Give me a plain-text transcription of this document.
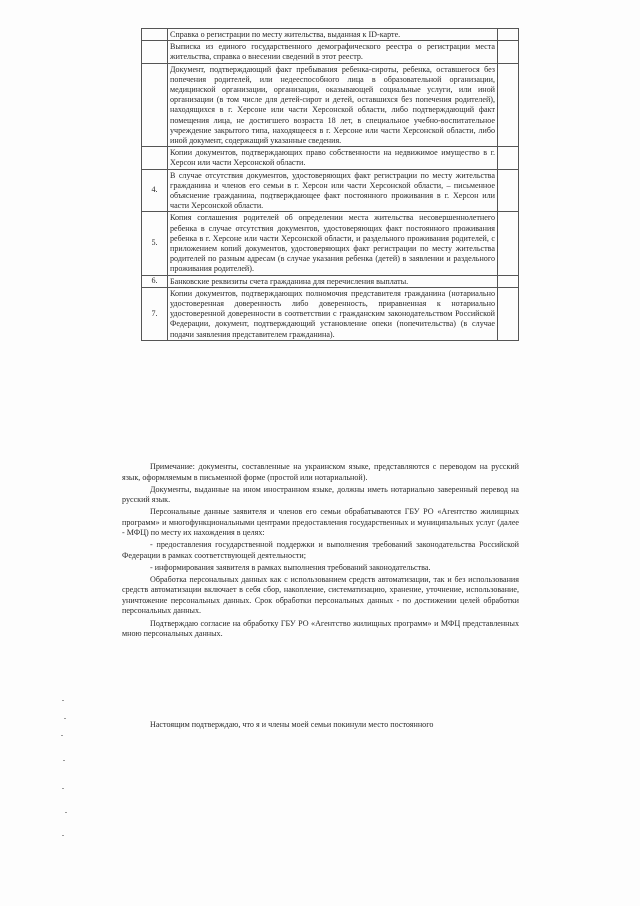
	Справка о регистрации по месту жительства, выданная к ID-карте.	
	Выписка из единого государственного демографического реестра о регистрации места жительства, справка о внесении сведений в этот реестр.	
	Документ, подтверждающий факт пребывания ребенка-сироты, ребенка, оставшегося без попечения родителей, или недееспособного лица в образовательной организации, медицинской организации, организации, оказывающей социальные услуги, или иной организации (в том числе для детей-сирот и детей, оставшихся без попечения родителей), находящихся в г. Херсоне или части Херсонской области, либо подтверждающий факт помещения лица, не достигшего возраста 18 лет, в специальное учебно-воспитательное учреждение закрытого типа, находящееся в г. Херсоне или части Херсонской области, либо иной документ, содержащий указанные сведения.	
	Копии документов, подтверждающих право собственности на недвижимое имущество в г. Херсон или части Херсонской области.	
4.	В случае отсутствия документов, удостоверяющих факт регистрации по месту жительства гражданина и членов его семьи в г. Херсон или части Херсонской области, – письменное объяснение гражданина, подтверждающее факт постоянного проживания в г. Херсон или части Херсонской области.	
5.	Копия соглашения родителей об определении места жительства несовершеннолетнего ребенка в случае отсутствия документов, удостоверяющих факт постоянного проживания ребенка в г. Херсоне или части Херсонской области, и раздельного проживания родителей, с приложением копий документов, удостоверяющих факт регистрации по месту жительства родителей по разным адресам (в случае указания ребенка (детей) в заявлении и раздельного проживания родителей).	
6.	Банковские реквизиты счета гражданина для перечисления выплаты.	
7.	Копии документов, подтверждающих полномочия представителя гражданина (нотариально удостоверенная доверенность либо доверенность, приравненная к нотариально удостоверенной доверенности в соответствии с гражданским законодательством Российской Федерации, документ, подтверждающий установление опеки (попечительства) (в случае подачи заявления представителем гражданина).	

Примечание: документы, составленные на украинском языке, представляются с переводом на русский язык, оформляемым в письменной форме (простой или нотариальной).

Документы, выданные на ином иностранном языке, должны иметь нотариально заверенный перевод на русский язык.

Персональные данные заявителя и членов его семьи обрабатываются ГБУ РО «Агентство жилищных программ» и многофункциональными центрами предоставления государственных и муниципальных услуг (далее - МФЦ) по месту их нахождения в целях:

- предоставления государственной поддержки и выполнения требований законодательства Российской Федерации в рамках соответствующей деятельности;

- информирования заявителя в рамках выполнения требований законодательства.

Обработка персональных данных как с использованием средств автоматизации, так и без использования средств автоматизации включает в себя сбор, накопление, систематизацию, хранение, уточнение, использование, уничтожение персональных данных. Срок обработки персональных данных - по достижении целей обработки персональных данных.

Подтверждаю согласие на обработку ГБУ РО «Агентство жилищных программ» и МФЦ представленных мною персональных данных.

Настоящим подтверждаю, что я и члены моей семьи покинули место постоянного
